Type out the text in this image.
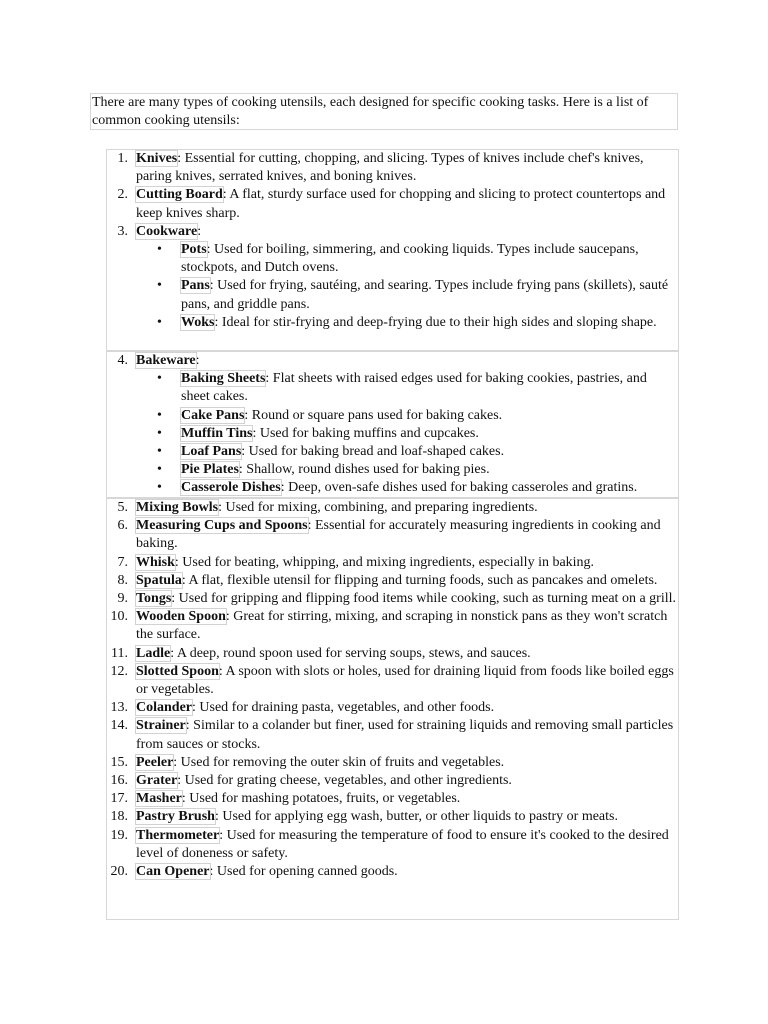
There are many types of cooking utensils, each designed for specific cooking tasks. Here is a list of common cooking utensils:
1. Knives: Essential for cutting, chopping, and slicing. Types of knives include chef's knives, paring knives, serrated knives, and boning knives.
2. Cutting Board: A flat, sturdy surface used for chopping and slicing to protect countertops and keep knives sharp.
3. Cookware:
• Pots: Used for boiling, simmering, and cooking liquids. Types include saucepans, stockpots, and Dutch ovens.
• Pans: Used for frying, sautéing, and searing. Types include frying pans (skillets), sauté pans, and griddle pans.
• Woks: Ideal for stir-frying and deep-frying due to their high sides and sloping shape.
4. Bakeware:
• Baking Sheets: Flat sheets with raised edges used for baking cookies, pastries, and sheet cakes.
• Cake Pans: Round or square pans used for baking cakes.
• Muffin Tins: Used for baking muffins and cupcakes.
• Loaf Pans: Used for baking bread and loaf-shaped cakes.
• Pie Plates: Shallow, round dishes used for baking pies.
• Casserole Dishes: Deep, oven-safe dishes used for baking casseroles and gratins.
5. Mixing Bowls: Used for mixing, combining, and preparing ingredients.
6. Measuring Cups and Spoons: Essential for accurately measuring ingredients in cooking and baking.
7. Whisk: Used for beating, whipping, and mixing ingredients, especially in baking.
8. Spatula: A flat, flexible utensil for flipping and turning foods, such as pancakes and omelets.
9. Tongs: Used for gripping and flipping food items while cooking, such as turning meat on a grill.
10. Wooden Spoon: Great for stirring, mixing, and scraping in nonstick pans as they won't scratch the surface.
11. Ladle: A deep, round spoon used for serving soups, stews, and sauces.
12. Slotted Spoon: A spoon with slots or holes, used for draining liquid from foods like boiled eggs or vegetables.
13. Colander: Used for draining pasta, vegetables, and other foods.
14. Strainer: Similar to a colander but finer, used for straining liquids and removing small particles from sauces or stocks.
15. Peeler: Used for removing the outer skin of fruits and vegetables.
16. Grater: Used for grating cheese, vegetables, and other ingredients.
17. Masher: Used for mashing potatoes, fruits, or vegetables.
18. Pastry Brush: Used for applying egg wash, butter, or other liquids to pastry or meats.
19. Thermometer: Used for measuring the temperature of food to ensure it's cooked to the desired level of doneness or safety.
20. Can Opener: Used for opening canned goods.
